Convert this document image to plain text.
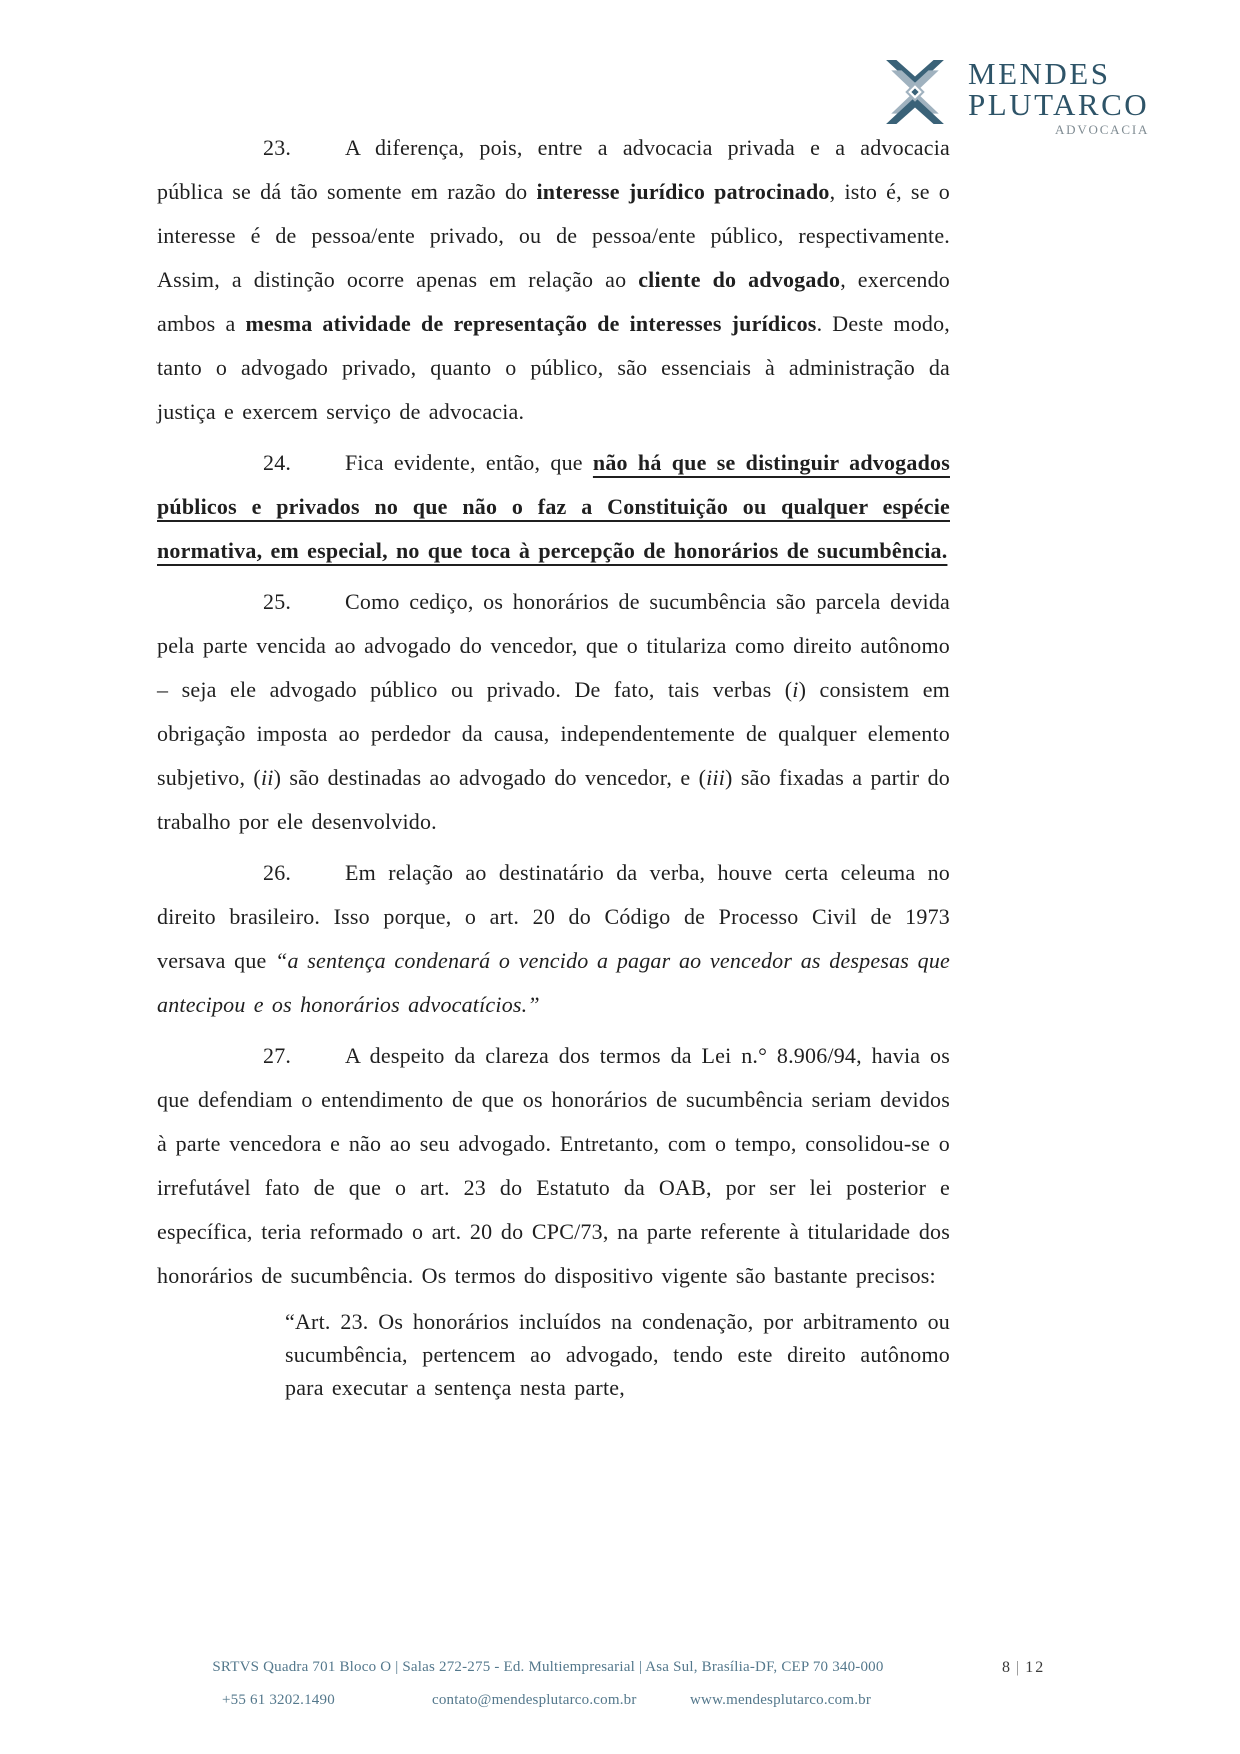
MENDES
PLUTARCO
ADVOCACIA

23. A diferença, pois, entre a advocacia privada e a advocacia pública se dá tão somente em razão do interesse jurídico patrocinado, isto é, se o interesse é de pessoa/ente privado, ou de pessoa/ente público, respectivamente. Assim, a distinção ocorre apenas em relação ao cliente do advogado, exercendo ambos a mesma atividade de representação de interesses jurídicos. Deste modo, tanto o advogado privado, quanto o público, são essenciais à administração da justiça e exercem serviço de advocacia.

24. Fica evidente, então, que não há que se distinguir advogados públicos e privados no que não o faz a Constituição ou qualquer espécie normativa, em especial, no que toca à percepção de honorários de sucumbência.

25. Como cediço, os honorários de sucumbência são parcela devida pela parte vencida ao advogado do vencedor, que o titulariza como direito autônomo – seja ele advogado público ou privado. De fato, tais verbas (i) consistem em obrigação imposta ao perdedor da causa, independentemente de qualquer elemento subjetivo, (ii) são destinadas ao advogado do vencedor, e (iii) são fixadas a partir do trabalho por ele desenvolvido.

26. Em relação ao destinatário da verba, houve certa celeuma no direito brasileiro. Isso porque, o art. 20 do Código de Processo Civil de 1973 versava que “a sentença condenará o vencido a pagar ao vencedor as despesas que antecipou e os honorários advocatícios.”

27. A despeito da clareza dos termos da Lei n.° 8.906/94, havia os que defendiam o entendimento de que os honorários de sucumbência seriam devidos à parte vencedora e não ao seu advogado. Entretanto, com o tempo, consolidou-se o irrefutável fato de que o art. 23 do Estatuto da OAB, por ser lei posterior e específica, teria reformado o art. 20 do CPC/73, na parte referente à titularidade dos honorários de sucumbência. Os termos do dispositivo vigente são bastante precisos:

“Art. 23. Os honorários incluídos na condenação, por arbitramento ou sucumbência, pertencem ao advogado, tendo este direito autônomo para executar a sentença nesta parte,

SRTVS Quadra 701 Bloco O | Salas 272-275 - Ed. Multiempresarial | Asa Sul, Brasília-DF, CEP 70 340-000	8 | 12
+55 61 3202.1490	contato@mendesplutarco.com.br	www.mendesplutarco.com.br
